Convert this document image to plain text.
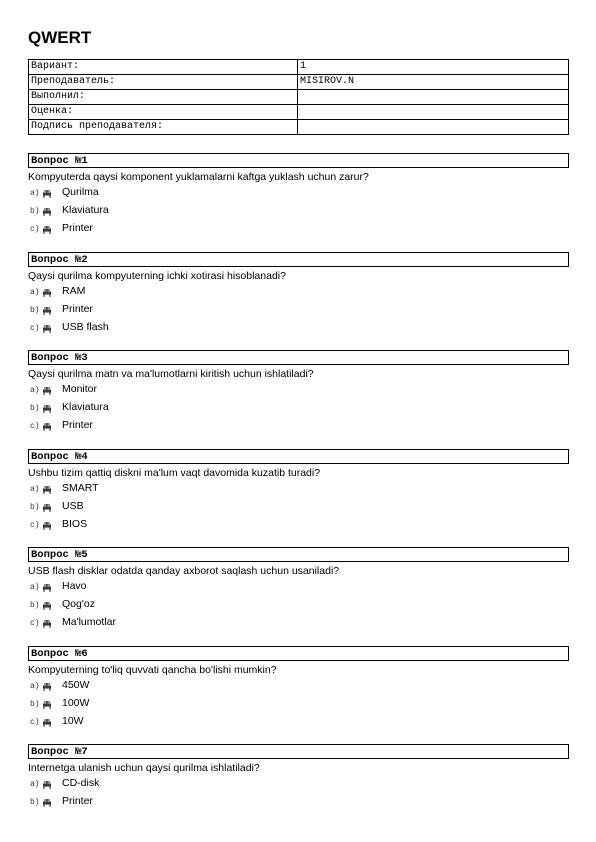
QWERT
Вариант:	1
Преподаватель:	MISIROV.N
Выполнил:	
Оценка:	
Подпись преподавателя:	
Вопрос №1
Kompyuterda qaysi komponent yuklamalarni kaftga yuklash uchun zarur?
a) Qurilma
b) Klaviatura
c) Printer
Вопрос №2
Qaysi qurilma kompyuterning ichki xotirasi hisoblanadi?
a) RAM
b) Printer
c) USB flash
Вопрос №3
Qaysi qurilma matn va ma'lumotlarni kiritish uchun ishlatiladi?
a) Monitor
b) Klaviatura
c) Printer
Вопрос №4
Ushbu tizim qattiq diskni ma'lum vaqt davomida kuzatib turadi?
a) SMART
b) USB
c) BIOS
Вопрос №5
USB flash disklar odatda qanday axborot saqlash uchun usaniladi?
a) Havo
b) Qog'oz
c) Ma'lumotlar
Вопрос №6
Kompyuterning to'liq quvvati qancha bo'lishi mumkin?
a) 450W
b) 100W
c) 10W
Вопрос №7
Internetga ulanish uchun qaysi qurilma ishlatiladi?
a) CD-disk
b) Printer
